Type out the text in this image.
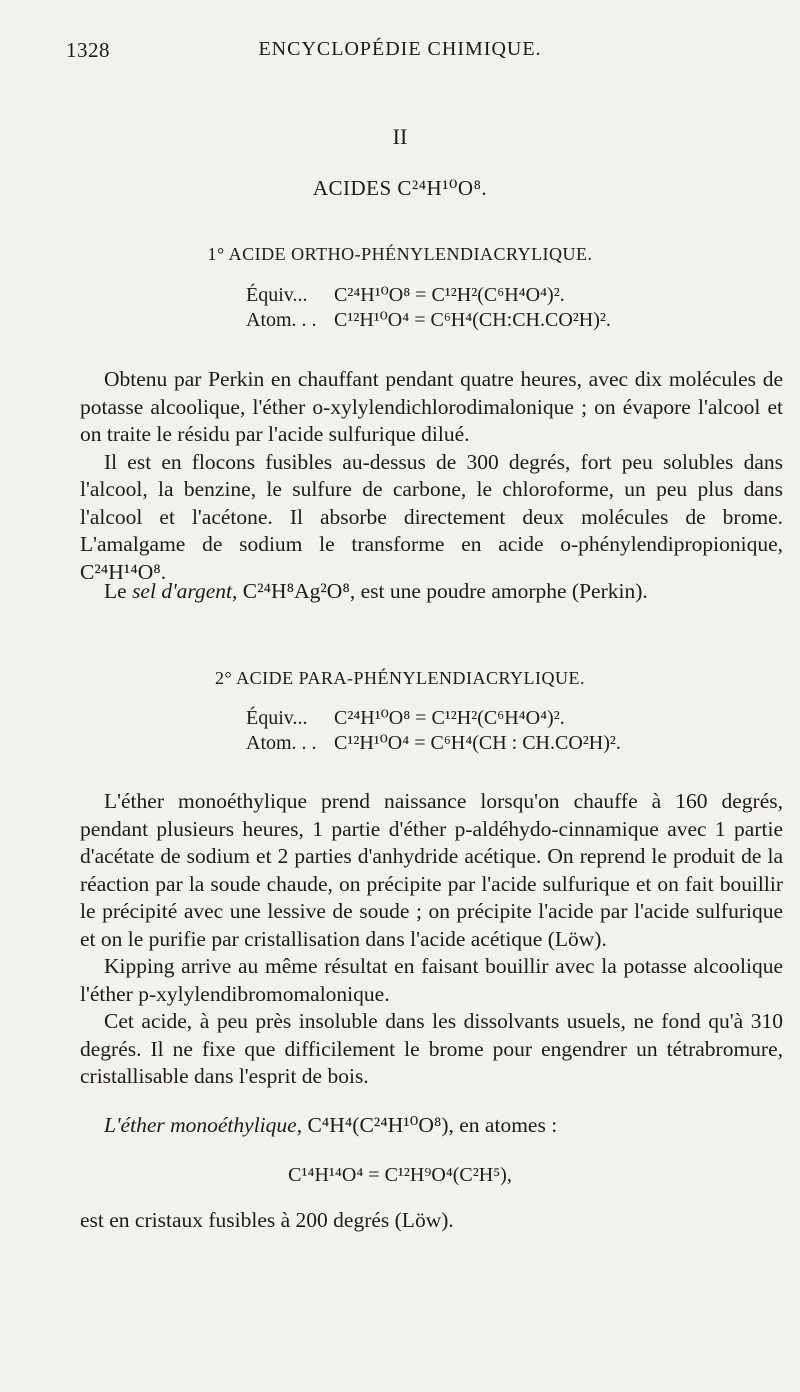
1328	ENCYCLOPÉDIE CHIMIQUE.
II
ACIDES C²⁴H¹⁰O⁸.
1° ACIDE ORTHO-PHÉNYLENDIACRYLIQUE.
Équiv... C²⁴H¹⁰O⁸ = C¹²H²(C⁶H⁴O⁴)².
Atom. . . C¹²H¹⁰O⁴ = C⁶H⁴(CH:CH.CO²H)².

Obtenu par Perkin en chauffant pendant quatre heures, avec dix molécules de potasse alcoolique, l'éther o-xylylendichlorodimalonique ; on évapore l'alcool et on traite le résidu par l'acide sulfurique dilué.

Il est en flocons fusibles au-dessus de 300 degrés, fort peu solubles dans l'alcool, la benzine, le sulfure de carbone, le chloroforme, un peu plus dans l'alcool et l'acétone. Il absorbe directement deux molécules de brome. L'amalgame de sodium le transforme en acide o-phénylendipropionique, C²⁴H¹⁴O⁸.

Le sel d'argent, C²⁴H⁸Ag²O⁸, est une poudre amorphe (Perkin).

2° ACIDE PARA-PHÉNYLENDIACRYLIQUE.
Équiv... C²⁴H¹⁰O⁸ = C¹²H²(C⁶H⁴O⁴)².
Atom. . . C¹²H¹⁰O⁴ = C⁶H⁴(CH : CH.CO²H)².

L'éther monoéthylique prend naissance lorsqu'on chauffe à 160 degrés, pendant plusieurs heures, 1 partie d'éther p-aldéhydo-cinnamique avec 1 partie d'acétate de sodium et 2 parties d'anhydride acétique. On reprend le produit de la réaction par la soude chaude, on précipite par l'acide sulfurique et on fait bouillir le précipité avec une lessive de soude ; on précipite l'acide par l'acide sulfurique et on le purifie par cristallisation dans l'acide acétique (Löw).

Kipping arrive au même résultat en faisant bouillir avec la potasse alcoolique l'éther p-xylylendibromomalonique.

Cet acide, à peu près insoluble dans les dissolvants usuels, ne fond qu'à 310 degrés. Il ne fixe que difficilement le brome pour engendrer un tétrabromure, cristallisable dans l'esprit de bois.

L'éther monoéthylique, C⁴H⁴(C²⁴H¹⁰O⁸), en atomes :

C¹⁴H¹⁴O⁴ = C¹²H⁹O⁴(C²H⁵),

est en cristaux fusibles à 200 degrés (Löw).
